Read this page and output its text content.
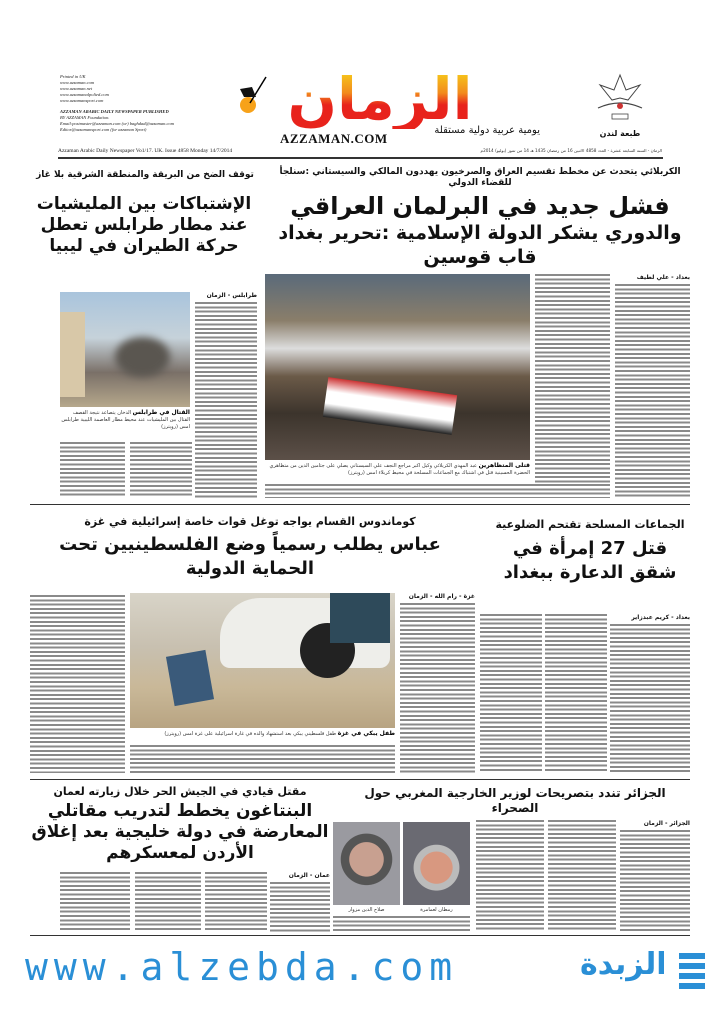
Printed in UK
www.azzaman.com
www.azzaman.net
www.azzamanalpolied.com
www.azzamansport.com
AZZAMAN ARABIC DAILY NEWSPAPER PUBLISHED
BY AZZAMAN Foundation.
Email:postmaster@azzaman.com (or) baghdad@azzaman.com
Editor@azzamansport.com (for azzaman Sport)	الزمان
يومية عربية دولية مستقلة
AZZAMAN.COM	طبعة لندن
Azzaman Arabic Daily Newspaper Vo1/17. UK. Issue 4858 Monday 14/7/2014	الزمان - السنة السابعة عشرة - العدد 4858 الاثنين 16 من رمضان 1435 هـ 14 من تموز (يوليو) 2014م
الكربلائي يتحدث عن مخطط تقسيم العراق والصرخيون يهددون المالكي والسيستاني :سنلجأ للقضاء الدولي
فشل جديد في البرلمان العراقي
والدوري يشكر الدولة الإسلامية :تحرير بغداد قاب قوسين
قتلى المتظاهرين عبد المهدي الكربلائي وكيل اكبر مراجع النجف علي السيستاني يصلي على جثامين الذين من متظاهري الحضرة الحسينية قتل في اشتباك مع الجماعات المسلحة في محيط كربلاء امس (رويترز)
بغداد - علي لطيف
توقف الضخ من البريقة والمنطقة الشرقية بلا غاز
الإشتباكات بين المليشيات عند مطار طرابلس تعطل حركة الطيران في ليبيا
القتال في طرابلس الدخان يتصاعد نتيجة القصف القتال بين المليشيات عند محيط مطار العاصمة الليبية طرابلس امس (رويترز)
طرابلس - الزمان
الجماعات المسلحة تقتحم الضلوعية
قتل 27 إمرأة في شقق الدعارة ببغداد
بغداد - كريم عبدزاير
كوماندوس القسام يواجه توغل قوات خاصة إسرائيلية في غزة
عباس يطلب رسمياً وضع الفلسطينيين تحت الحماية الدولية
غزة - رام الله - الزمان
طفل يبكي في غزة طفل فلسطيني يبكي بعد استشهاد والده في غارة اسرائيلية على غزة امس (رويترز)
الجزائر تندد بتصريحات لوزير الخارجية المغربي حول الصحراء
الجزائر - الزمان
رمطان لعمامرة
صلاح الدين مزوار
مقتل قيادي في الجيش الحر خلال زيارته لعمان
البنتاغون يخطط لتدريب مقاتلي المعارضة في دولة خليجية بعد إغلاق الأردن لمعسكرهم
عمان - الزمان
www.alzebda.com	الزبدة
